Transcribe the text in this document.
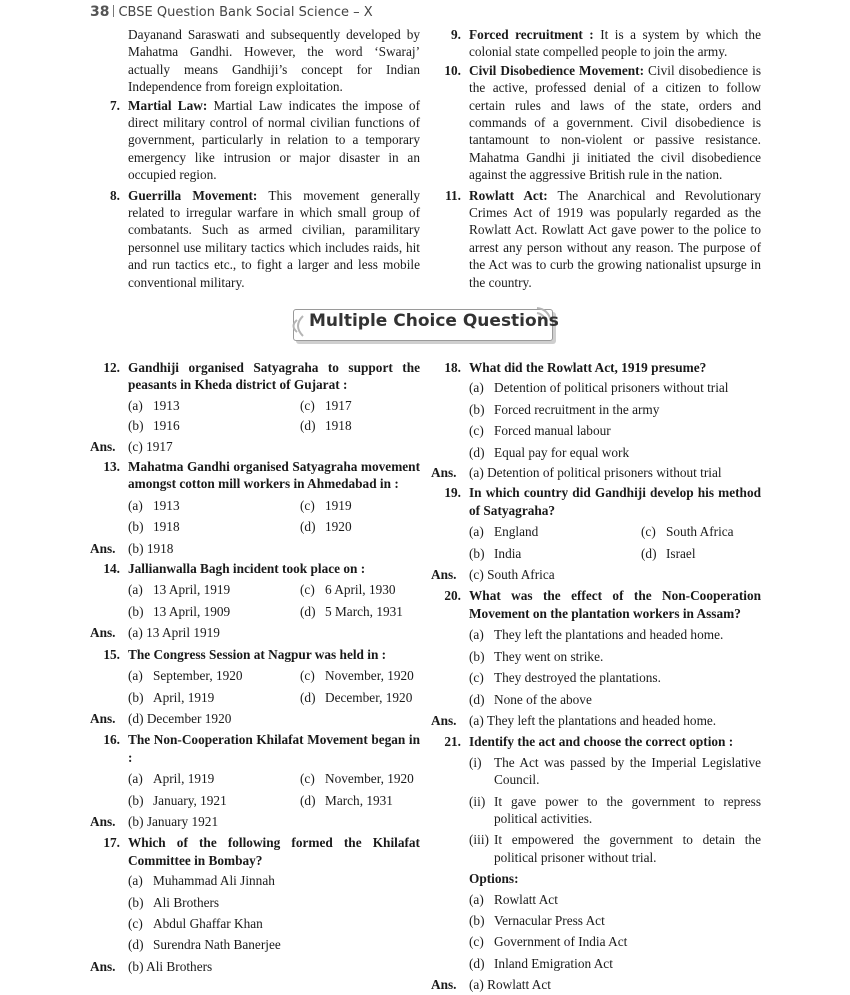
38 CBSE Question Bank Social Science – X
Dayanand Saraswati and subsequently developed by Mahatma Gandhi. However, the word ‘Swaraj’ actually means Gandhiji’s concept for Indian Independence from foreign exploitation.
7. Martial Law: Martial Law indicates the impose of direct military control of normal civilian functions of government, particularly in relation to a temporary emergency like intrusion or major disaster in an occupied region.
8. Guerrilla Movement: This movement generally related to irregular warfare in which small group of combatants. Such as armed civilian, paramilitary personnel use military tactics which includes raids, hit and run tactics etc., to fight a larger and less mobile conventional military.
9. Forced recruitment : It is a system by which the colonial state compelled people to join the army.
10. Civil Disobedience Movement: Civil disobedience is the active, professed denial of a citizen to follow certain rules and laws of the state, orders and commands of a government. Civil disobedience is tantamount to non-violent or passive resistance. Mahatma Gandhi ji initiated the civil disobedience against the aggressive British rule in the nation.
11. Rowlatt Act: The Anarchical and Revolutionary Crimes Act of 1919 was popularly regarded as the Rowlatt Act. Rowlatt Act gave power to the police to arrest any person without any reason. The purpose of the Act was to curb the growing nationalist upsurge in the country.
Multiple Choice Questions
12. Gandhiji organised Satyagraha to support the peasants in Kheda district of Gujarat :
(a) 1913	(c) 1917
(b) 1916	(d) 1918
Ans. (c) 1917
13. Mahatma Gandhi organised Satyagraha movement amongst cotton mill workers in Ahmedabad in :
(a) 1913	(c) 1919
(b) 1918	(d) 1920
Ans. (b) 1918
14. Jallianwalla Bagh incident took place on :
(a) 13 April, 1919	(c) 6 April, 1930
(b) 13 April, 1909	(d) 5 March, 1931
Ans. (a) 13 April 1919
15. The Congress Session at Nagpur was held in :
(a) September, 1920	(c) November, 1920
(b) April, 1919	(d) December, 1920
Ans. (d) December 1920
16. The Non-Cooperation Khilafat Movement began in :
(a) April, 1919	(c) November, 1920
(b) January, 1921	(d) March, 1931
Ans. (b) January 1921
17. Which of the following formed the Khilafat Committee in Bombay?
(a) Muhammad Ali Jinnah
(b) Ali Brothers
(c) Abdul Ghaffar Khan
(d) Surendra Nath Banerjee
Ans. (b) Ali Brothers
18. What did the Rowlatt Act, 1919 presume?
(a) Detention of political prisoners without trial
(b) Forced recruitment in the army
(c) Forced manual labour
(d) Equal pay for equal work
Ans. (a) Detention of political prisoners without trial
19. In which country did Gandhiji develop his method of Satyagraha?
(a) England	(c) South Africa
(b) India	(d) Israel
Ans. (c) South Africa
20. What was the effect of the Non-Cooperation Movement on the plantation workers in Assam?
(a) They left the plantations and headed home.
(b) They went on strike.
(c) They destroyed the plantations.
(d) None of the above
Ans. (a) They left the plantations and headed home.
21. Identify the act and choose the correct option :
(i) The Act was passed by the Imperial Legislative Council.
(ii) It gave power to the government to repress political activities.
(iii) It empowered the government to detain the political prisoner without trial.
Options:
(a) Rowlatt Act
(b) Vernacular Press Act
(c) Government of India Act
(d) Inland Emigration Act
Ans. (a) Rowlatt Act
